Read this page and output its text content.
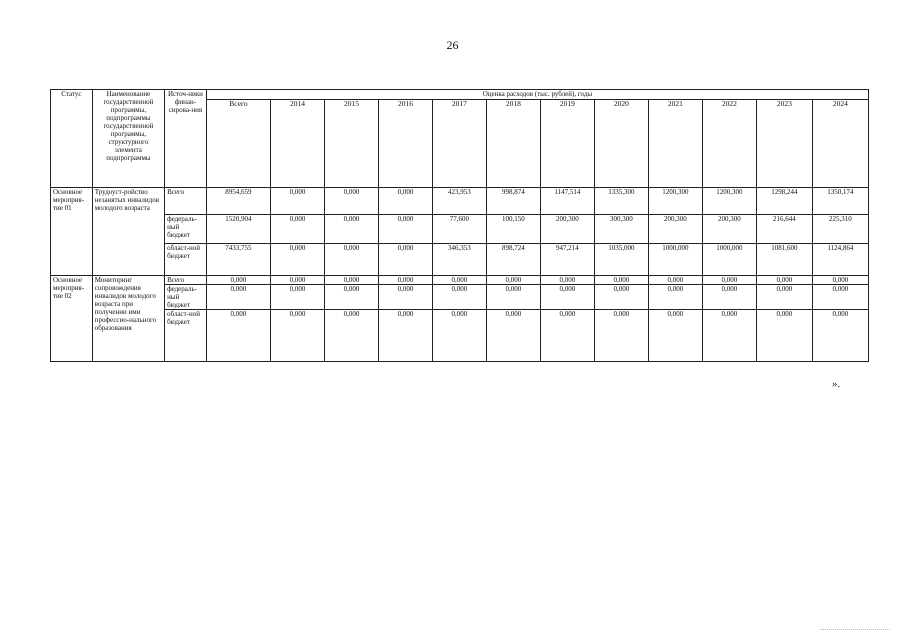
26
Статус	Наименование государственной программы, подпрограммы государственной программы, структурного элемента подпрограммы	Источ-ники финан-сирова-ния	Оценка расходов (тыс. рублей), годы											
			Всего	2014	2015	2016	2017	2018	2019	2020	2021	2022	2023	2024
Основное мероприя-тие 01	Трудоуст-ройство незанятых инвалидов молодого возраста	Всего	8954,659	0,000	0,000	0,000	423,953	998,874	1147,514	1335,300	1200,300	1200,300	1298,244	1350,174
		федераль-ный бюджет	1520,904	0,000	0,000	0,000	77,600	100,150	200,300	300,300	200,300	200,300	216,644	225,310
		област-ной бюджет	7433,755	0,000	0,000	0,000	346,353	898,724	947,214	1035,000	1000,000	1000,000	1081,600	1124,864
Основное мероприя-тие 02	Мониторинг сопровождения инвалидов молодого возраста при получении ими профессио-нального образования	Всего	0,000	0,000	0,000	0,000	0,000	0,000	0,000	0,000	0,000	0,000	0,000	0,000
		федераль-ный бюджет	0,000	0,000	0,000	0,000	0,000	0,000	0,000	0,000	0,000	0,000	0,000	0,000
		област-ной бюджет	0,000	0,000	0,000	0,000	0,000	0,000	0,000	0,000	0,000	0,000	0,000	0,000
».
